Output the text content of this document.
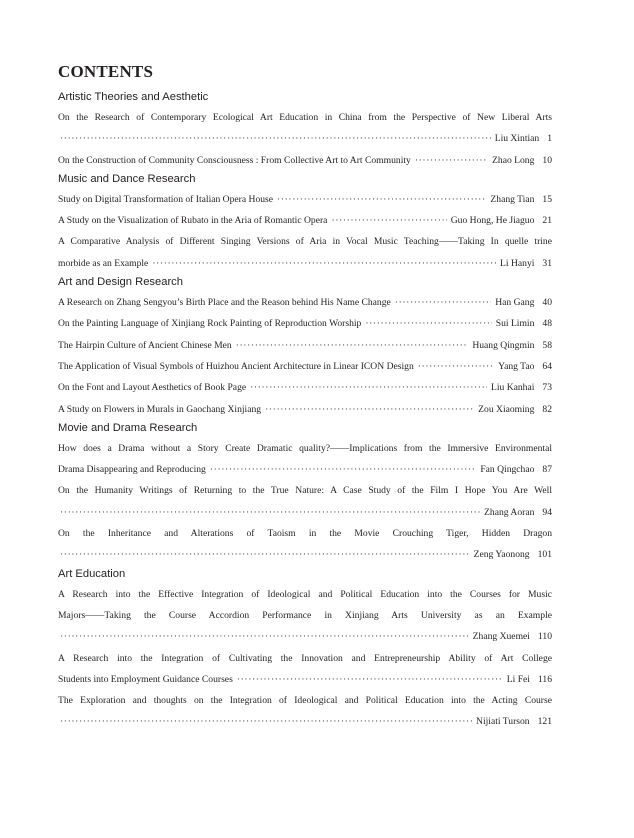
CONTENTS
Artistic Theories and Aesthetic
On the Research of Contemporary Ecological Art Education in China from the Perspective of New Liberal Arts
·····
Liu Xintian 1
On the Construction of Community Consciousness : From Collective Art to Art Community ·····	Zhao Long 10
Music and Dance Research
Study on Digital Transformation of Italian Opera House ·····	Zhang Tian 15
A Study on the Visualization of Rubato in the Aria of Romantic Opera ·····	Guo Hong, He Jiaguo 21
A Comparative Analysis of Different Singing Versions of Aria in Vocal Music Teaching——Taking In quelle trine
morbide as an Example ·····	Li Hanyi 31
Art and Design Research
A Research on Zhang Sengyou’s Birth Place and the Reason behind His Name Change ·····	Han Gang 40
On the Painting Language of Xinjiang Rock Painting of Reproduction Worship ·····	Sui Limin 48
The Hairpin Culture of Ancient Chinese Men ·····	Huang Qingmin 58
The Application of Visual Symbols of Huizhou Ancient Architecture in Linear ICON Design ·····	Yang Tao 64
On the Font and Layout Aesthetics of Book Page ·····	Liu Kanhai 73
A Study on Flowers in Murals in Gaochang Xinjiang ·····	Zou Xiaoming 82
Movie and Drama Research
How does a Drama without a Story Create Dramatic quality?——Implications from the Immersive Environmental
Drama Disappearing and Reproducing ·····	Fan Qingchao 87
On the Humanity Writings of Returning to the True Nature: A Case Study of the Film I Hope You Are Well
·····
Zhang Aoran 94
On the Inheritance and Alterations of Taoism in the Movie Crouching Tiger, Hidden Dragon
·····
Zeng Yaonong 101
Art Education
A Research into the Effective Integration of Ideological and Political Education into the Courses for Music
Majors——Taking the Course Accordion Performance in Xinjiang Arts University as an Example
·····
Zhang Xuemei 110
A Research into the Integration of Cultivating the Innovation and Entrepreneurship Ability of Art College
Students into Employment Guidance Courses ·····	Li Fei 116
The Exploration and thoughts on the Integration of Ideological and Political Education into the Acting Course
·····
Nijiati Turson 121
